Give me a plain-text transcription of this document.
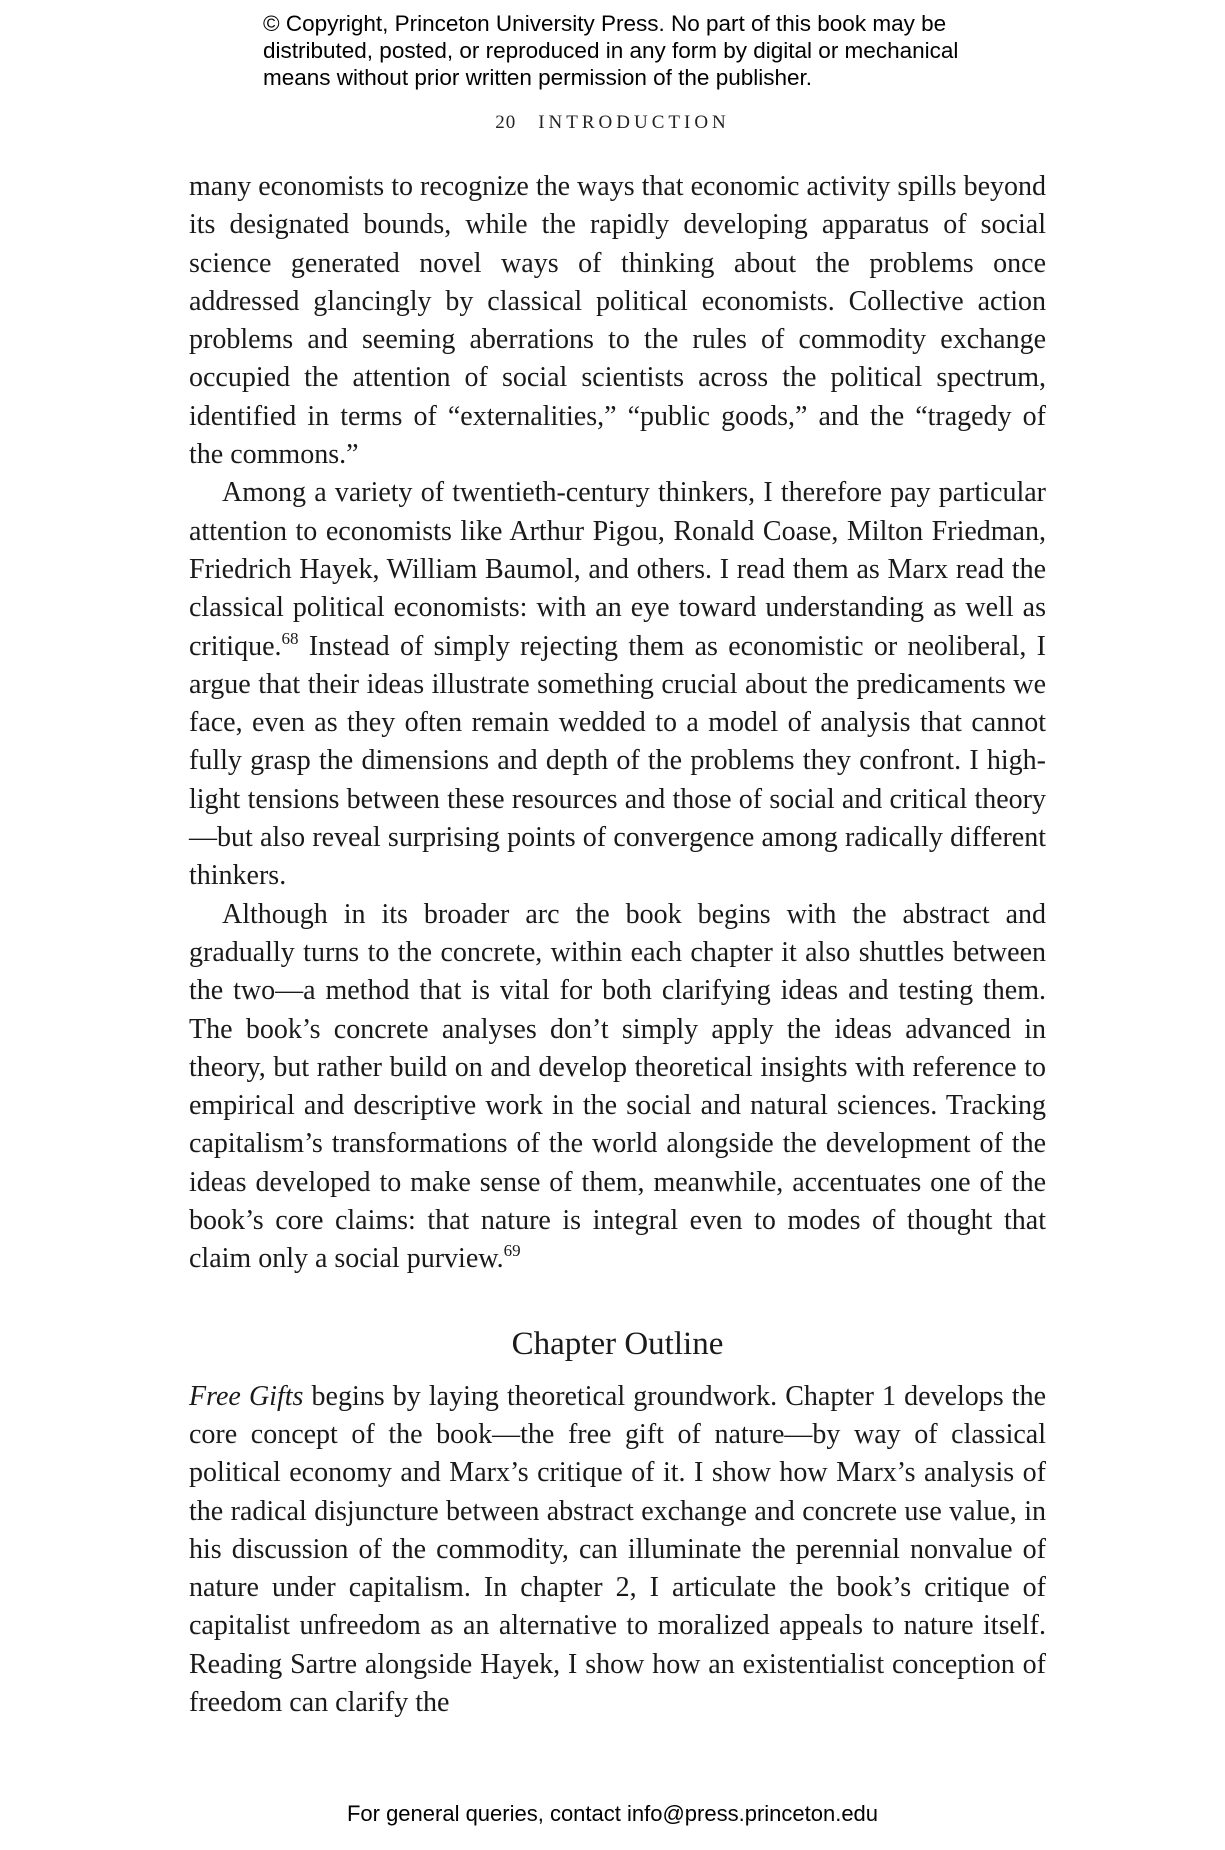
© Copyright, Princeton University Press. No part of this book may be
distributed, posted, or reproduced in any form by digital or mechanical
means without prior written permission of the publisher.
20 INTRODUCTION

many economists to recognize the ways that economic activity spills beyond its designated bounds, while the rapidly developing apparatus of social science generated novel ways of thinking about the problems once addressed glancingly by classical political economists. Collective action problems and seeming aberrations to the rules of commodity exchange occupied the attention of social scientists across the political spectrum, identified in terms of “externalities,” “public goods,” and the “tragedy of the commons.”

Among a variety of twentieth-century thinkers, I therefore pay particular attention to economists like Arthur Pigou, Ronald Coase, Milton Friedman, Friedrich Hayek, William Baumol, and others. I read them as Marx read the classical political economists: with an eye toward understanding as well as critique.$^{68}$ Instead of simply rejecting them as economistic or neoliberal, I argue that their ideas illustrate something crucial about the predicaments we face, even as they often remain wedded to a model of analysis that cannot fully grasp the dimensions and depth of the problems they confront. I highlight tensions between these resources and those of social and critical theory—but also reveal surprising points of convergence among radically different thinkers.

Although in its broader arc the book begins with the abstract and gradually turns to the concrete, within each chapter it also shuttles between the two—a method that is vital for both clarifying ideas and testing them. The book’s concrete analyses don’t simply apply the ideas advanced in theory, but rather build on and develop theoretical insights with reference to empirical and descriptive work in the social and natural sciences. Tracking capitalism’s transformations of the world alongside the development of the ideas developed to make sense of them, meanwhile, accentuates one of the book’s core claims: that nature is integral even to modes of thought that claim only a social purview.$^{69}$

Chapter Outline

Free Gifts begins by laying theoretical groundwork. Chapter 1 develops the core concept of the book—the free gift of nature—by way of classical political economy and Marx’s critique of it. I show how Marx’s analysis of the radical disjuncture between abstract exchange and concrete use value, in his discussion of the commodity, can illuminate the perennial nonvalue of nature under capitalism. In chapter 2, I articulate the book’s critique of capitalist unfreedom as an alternative to moralized appeals to nature itself. Reading Sartre alongside Hayek, I show how an existentialist conception of freedom can clarify the

For general queries, contact info@press.princeton.edu
